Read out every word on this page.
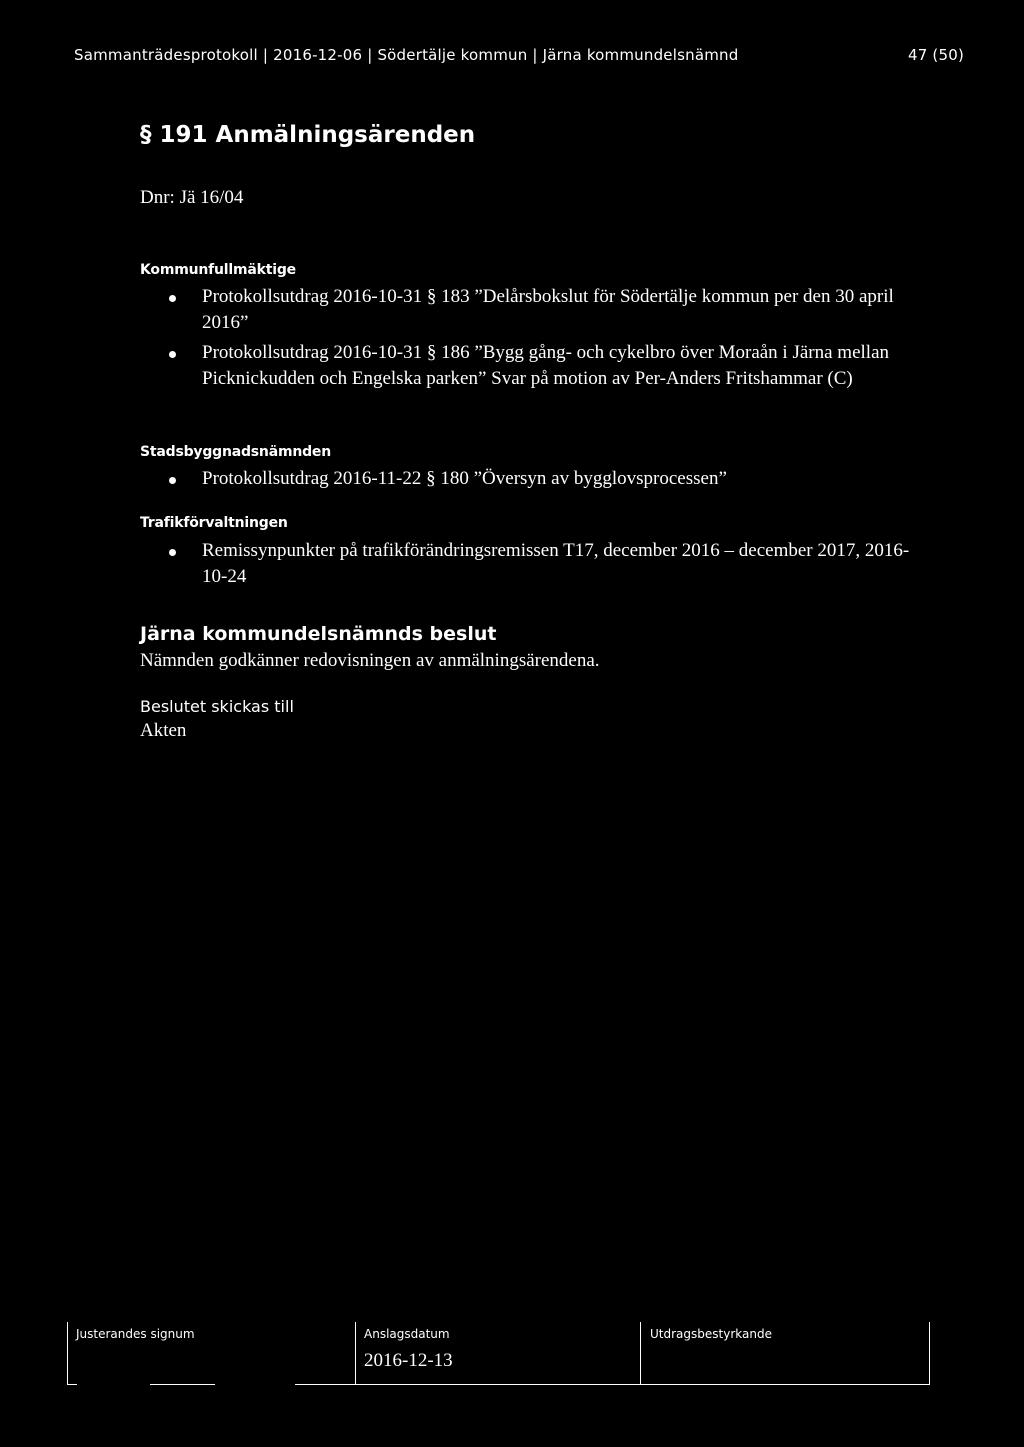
Sammanträdesprotokoll | 2016-12-06 | Södertälje kommun | Järna kommundelsnämnd	47 (50)
§ 191 Anmälningsärenden
Dnr: Jä 16/04
Kommunfullmäktige
Protokollsutdrag 2016-10-31 § 183 ”Delårsbokslut för Södertälje kommun per den 30 april 2016”
Protokollsutdrag 2016-10-31 § 186 ”Bygg gång- och cykelbro över Moraån i Järna mellan Picknickudden och Engelska parken” Svar på motion av Per-Anders Fritshammar (C)
Stadsbyggnadsnämnden
Protokollsutdrag 2016-11-22 § 180 ”Översyn av bygglovsprocessen”
Trafikförvaltningen
Remissynpunkter på trafikförändringsremissen T17, december 2016 – december 2017, 2016-10-24
Järna kommundelsnämnds beslut
Nämnden godkänner redovisningen av anmälningsärendena.
Beslutet skickas till
Akten
Justerandes signum	Anslagsdatum
2016-12-13
Utdragsbestyrkande
